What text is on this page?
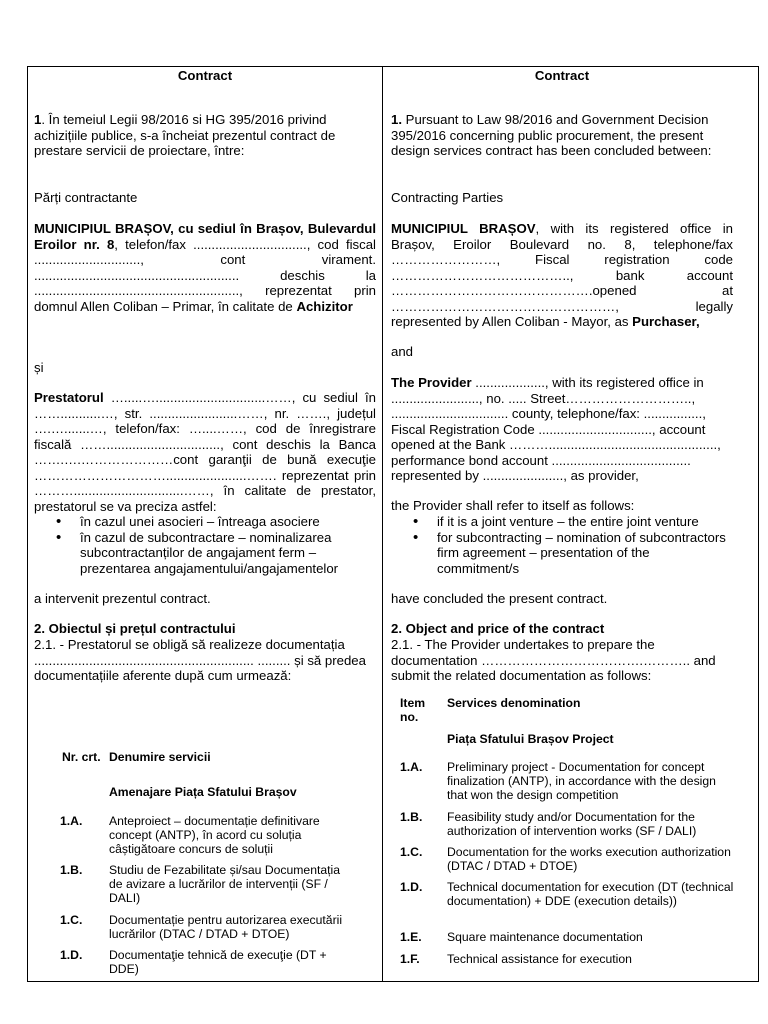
Contract

1. În temeiul Legii 98/2016 si HG 395/2016 privind achizițiile publice, s-a încheiat prezentul contract de prestare servicii de proiectare, între:

Părți contractante

MUNICIPIUL BRAȘOV, cu sediul în Brașov, Bulevardul Eroilor nr. 8, telefon/fax ..............................., cod fiscal ............................., cont virament. ........................................................ deschis la ........................................................, reprezentat prin domnul Allen Coliban – Primar, în calitate de Achizitor

și

Prestatorul ….....…..............................……, cu sediul în ……...........…, str. ........................……, nr. ……., județul ….….......…, telefon/fax: …....……, cod de înregistrare fiscală ……..............................., cont deschis la Banca …….….…………………cont garanţii de bună execuţie …………………………......................……. reprezentat prin ………..............................……, în calitate de prestator, prestatorul se va preciza astfel:

• în cazul unei asocieri – întreaga asociere
• în cazul de subcontractare – nominalizarea subcontractanților de angajament ferm – prezentarea angajamentului/angajamentelor

a intervenit prezentul contract.

2. Obiectul și prețul contractului

2.1. - Prestatorul se obligă să realizeze documentația ............................................................ ......... și să predea documentațiile aferente după cum urmează:

Nr. crt. Denumire servicii
Amenajare Piața Sfatului Brașov
1.A. Anteproiect – documentație definitivare concept (ANTP), în acord cu soluția câștigătoare concurs de soluții
1.B. Studiu de Fezabilitate și/sau Documentația de avizare a lucrărilor de intervenții (SF / DALI)
1.C. Documentație pentru autorizarea executării lucrărilor (DTAC / DTAD + DTOE)
1.D. Documentaţie tehnică de execuţie (DT + DDE)
Contract

1. Pursuant to Law 98/2016 and Government Decision 395/2016 concerning public procurement, the present design services contract has been concluded between:

Contracting Parties

MUNICIPIUL BRAȘOV, with its registered office in Brașov, Eroilor Boulevard no. 8, telephone/fax ……………………, Fiscal registration code ………………………………….., bank account ……………………………………….opened at ……………………………………………, legally represented by Allen Coliban - Mayor, as Purchaser,

and

The Provider ..................., with its registered office in ........................, no. ..... Street……………………….., ................................ county, telephone/fax: ................, Fiscal Registration Code ..............................., account opened at the Bank ……….............................................., performance bond account ...................................... represented by ......................, as provider,

the Provider shall refer to itself as follows:

• if it is a joint venture – the entire joint venture
• for subcontracting – nomination of subcontractors firm agreement – presentation of the commitment/s

have concluded the present contract.

2. Object and price of the contract

2.1. - The Provider undertakes to prepare the documentation ……………………………….……….. and submit the related documentation as follows:

Item no.
Services denomination
Piața Sfatului Brașov Project
1.A. Preliminary project - Documentation for concept finalization (ANTP), in accordance with the design that won the design competition
1.B. Feasibility study and/or Documentation for the authorization of intervention works (SF / DALI)
1.C. Documentation for the works execution authorization (DTAC / DTAD + DTOE)
1.D. Technical documentation for execution (DT (technical documentation) + DDE (execution details))
1.E. Square maintenance documentation
1.F. Technical assistance for execution
